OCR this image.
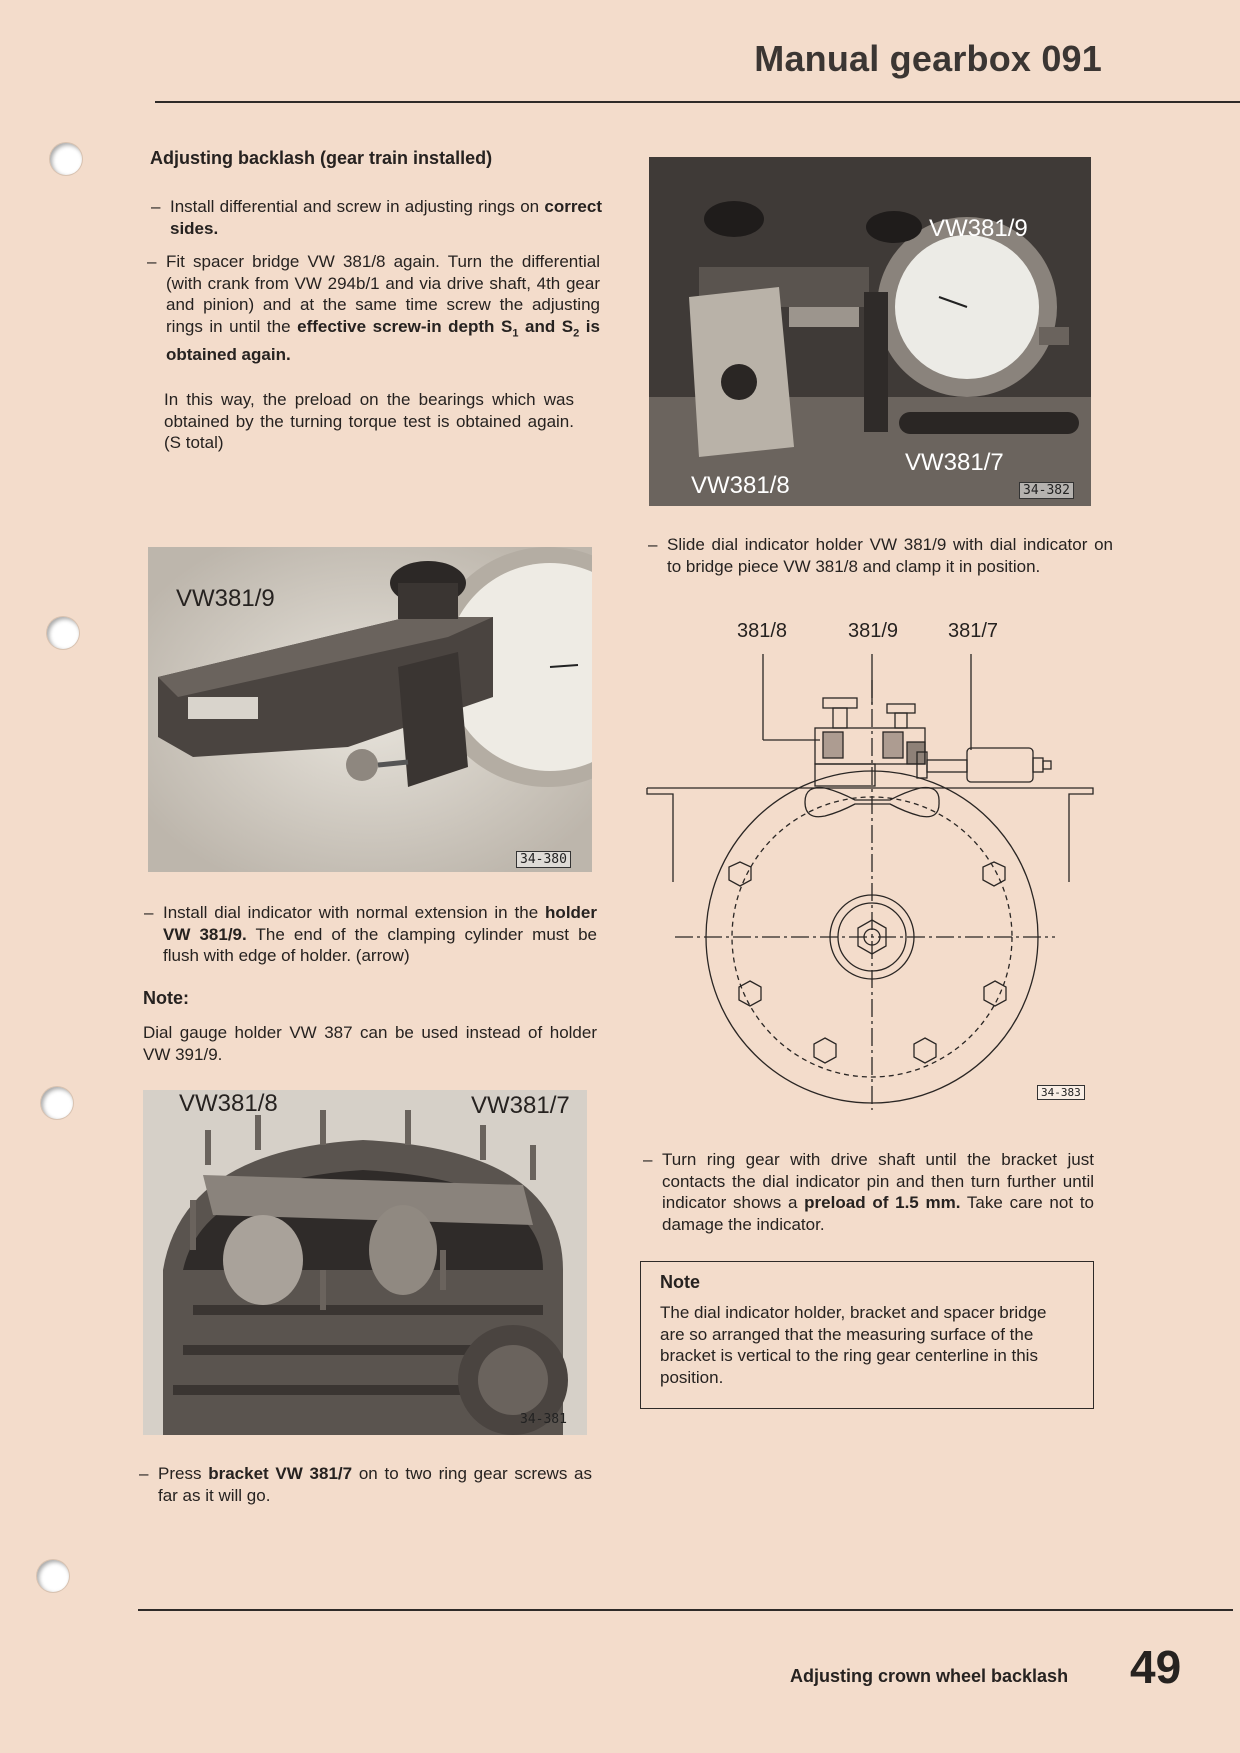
Manual gearbox 091
Adjusting backlash (gear train installed)
– Install differential and screw in adjusting rings on correct sides.
– Fit spacer bridge VW 381/8 again. Turn the differential (with crank from VW 294b/1 and via drive shaft, 4th gear and pinion) and at the same time screw the adjusting rings in until the effective screw-in depth $S_1$ and $S_2$ is obtained again.
In this way, the preload on the bearings which was obtained by the turning torque test is obtained again. (S total)
VW381/9
34-380
– Install dial indicator with normal extension in the holder VW 381/9. The end of the clamping cylinder must be flush with edge of holder. (arrow)
Note:
Dial gauge holder VW 387 can be used instead of holder VW 391/9.
VW381/8	VW381/7
34-381
– Press bracket VW 381/7 on to two ring gear screws as far as it will go.
VW381/9
VW381/8
VW381/7
34-382
– Slide dial indicator holder VW 381/9 with dial indicator on to bridge piece VW 381/8 and clamp it in position.
381/8	381/9 381/7
34-383
– Turn ring gear with drive shaft until the bracket just contacts the dial indicator pin and then turn further until indicator shows a preload of 1.5 mm. Take care not to damage the indicator.
Note
The dial indicator holder, bracket and spacer bridge are so arranged that the measuring surface of the bracket is vertical to the ring gear centerline in this position.
Adjusting crown wheel backlash 49
